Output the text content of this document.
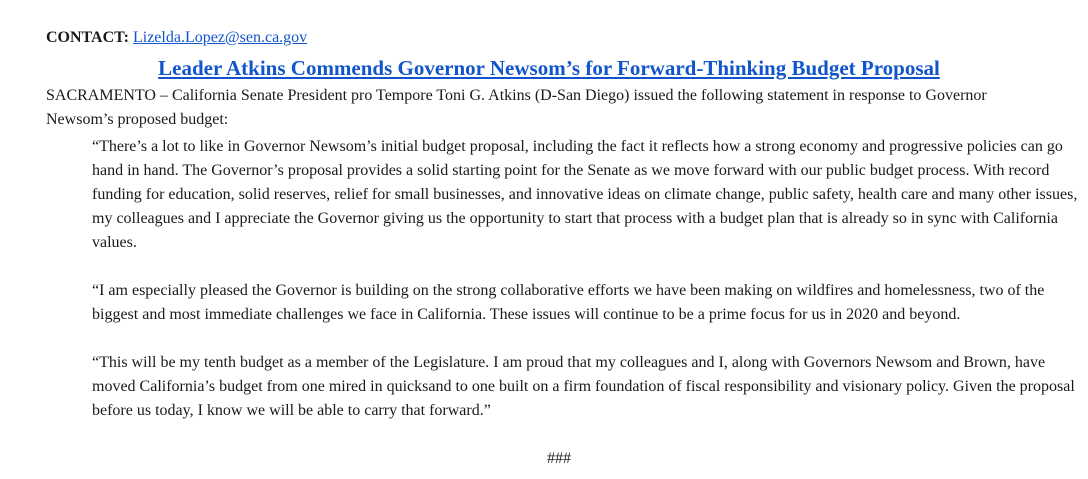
CONTACT: Lizelda.Lopez@sen.ca.gov

Leader Atkins Commends Governor Newsom’s for Forward-Thinking Budget Proposal

SACRAMENTO – California Senate President pro Tempore Toni G. Atkins (D-San Diego) issued the following statement in response to Governor Newsom’s proposed budget:

“There’s a lot to like in Governor Newsom’s initial budget proposal, including the fact it reflects how a strong economy and progressive policies can go hand in hand. The Governor’s proposal provides a solid starting point for the Senate as we move forward with our public budget process. With record funding for education, solid reserves, relief for small businesses, and innovative ideas on climate change, public safety, health care and many other issues, my colleagues and I appreciate the Governor giving us the opportunity to start that process with a budget plan that is already so in sync with California values.

“I am especially pleased the Governor is building on the strong collaborative efforts we have been making on wildfires and homelessness, two of the biggest and most immediate challenges we face in California. These issues will continue to be a prime focus for us in 2020 and beyond.

“This will be my tenth budget as a member of the Legislature. I am proud that my colleagues and I, along with Governors Newsom and Brown, have moved California’s budget from one mired in quicksand to one built on a firm foundation of fiscal responsibility and visionary policy. Given the proposal before us today, I know we will be able to carry that forward.”

###
